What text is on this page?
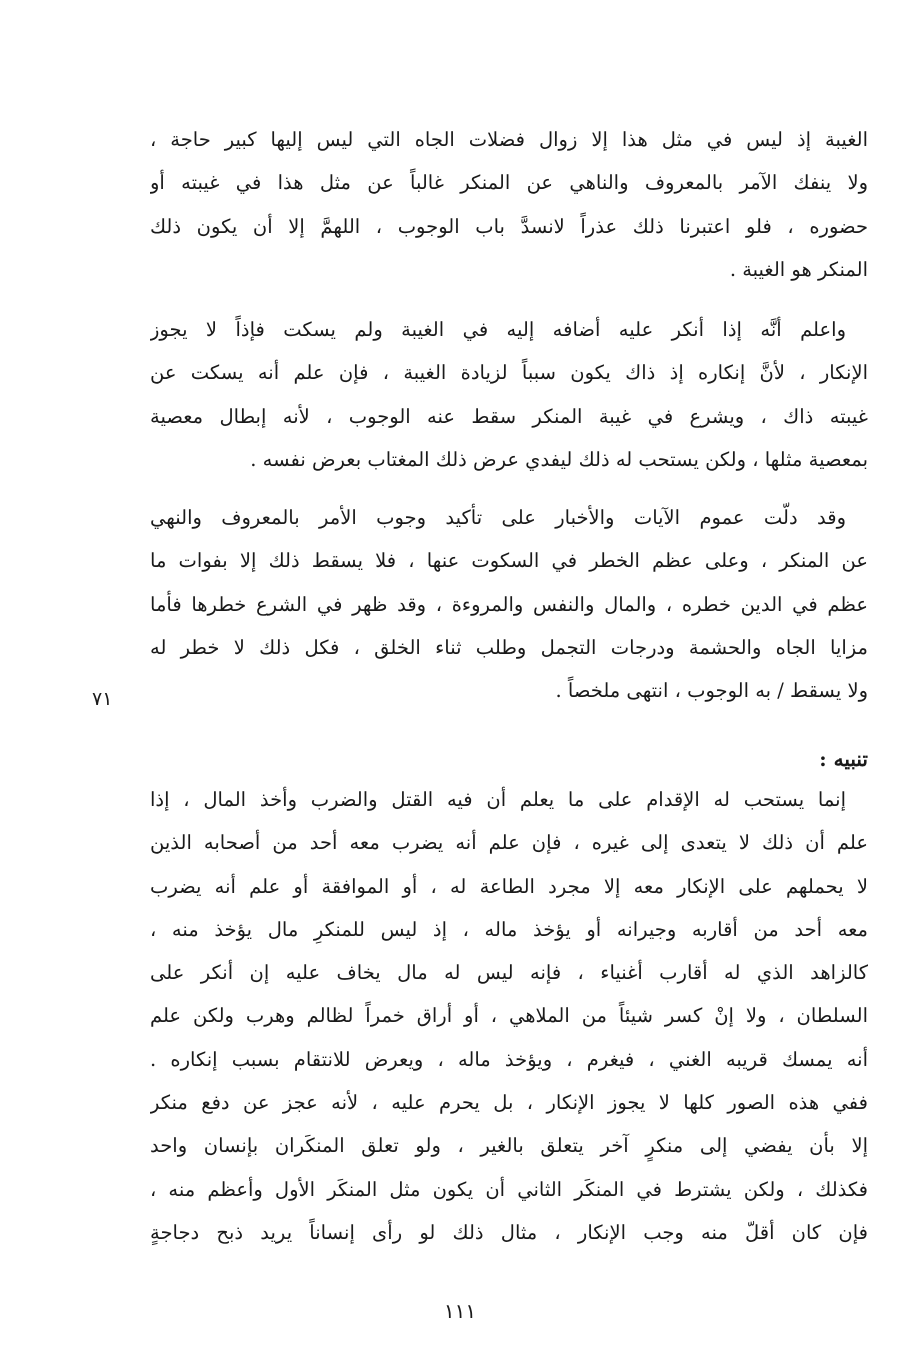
الغيبة إذ ليس في مثل هذا إلا زوال فضلات الجاه التي ليس إليها كبير حاجة ،
ولا ينفك الآمر بالمعروف والناهي عن المنكر غالباً عن مثل هذا في غيبته أو
حضوره ، فلو اعتبرنا ذلك عذراً لانسدَّ باب الوجوب ، اللهمَّ إلا أن يكون ذلك
المنكر هو الغيبة .
واعلم أنَّه إذا أنكر عليه أضافه إليه في الغيبة ولم يسكت فإذاً لا يجوز
الإنكار ، لأنَّ إنكاره إذ ذاك يكون سبباً لزيادة الغيبة ، فإن علم أنه يسكت عن
غيبته ذاك ، ويشرع في غيبة المنكر سقط عنه الوجوب ، لأنه إبطال معصية
بمعصية مثلها ، ولكن يستحب له ذلك ليفدي عرض ذلك المغتاب بعرض نفسه .
وقد دلّت عموم الآيات والأخبار على تأكيد وجوب الأمر بالمعروف والنهي
عن المنكر ، وعلى عظم الخطر في السكوت عنها ، فلا يسقط ذلك إلا بفوات ما
عظم في الدين خطره ، والمال والنفس والمروءة ، وقد ظهر في الشرع خطرها فأما
مزايا الجاه والحشمة ودرجات التجمل وطلب ثناء الخلق ، فكل ذلك لا خطر له
ولا يسقط / به الوجوب ، انتهى ملخصاً .
٧١
تنبيه :
إنما يستحب له الإقدام على ما يعلم أن فيه القتل والضرب وأخذ المال ، إذا
علم أن ذلك لا يتعدى إلى غيره ، فإن علم أنه يضرب معه أحد من أصحابه الذين
لا يحملهم على الإنكار معه إلا مجرد الطاعة له ، أو الموافقة أو علم أنه يضرب
معه أحد من أقاربه وجيرانه أو يؤخذ ماله ، إذ ليس للمنكرِ مال يؤخذ منه ،
كالزاهد الذي له أقارب أغنياء ، فإنه ليس له مال يخاف عليه إن أنكر على
السلطان ، ولا إنْ كسر شيئاً من الملاهي ، أو أراق خمراً لظالم وهرب ولكن علم
أنه يمسك قريبه الغني ، فيغرم ، ويؤخذ ماله ، ويعرض للانتقام بسبب إنكاره .
ففي هذه الصور كلها لا يجوز الإنكار ، بل يحرم عليه ، لأنه عجز عن دفع منكر
إلا بأن يفضي إلى منكرٍ آخر يتعلق بالغير ، ولو تعلق المنكَران بإنسان واحد
فكذلك ، ولكن يشترط في المنكَر الثاني أن يكون مثل المنكَر الأول وأعظم منه ،
فإن كان أقلّ منه وجب الإنكار ، مثال ذلك لو رأى إنساناً يريد ذبح دجاجةٍ
١١١
